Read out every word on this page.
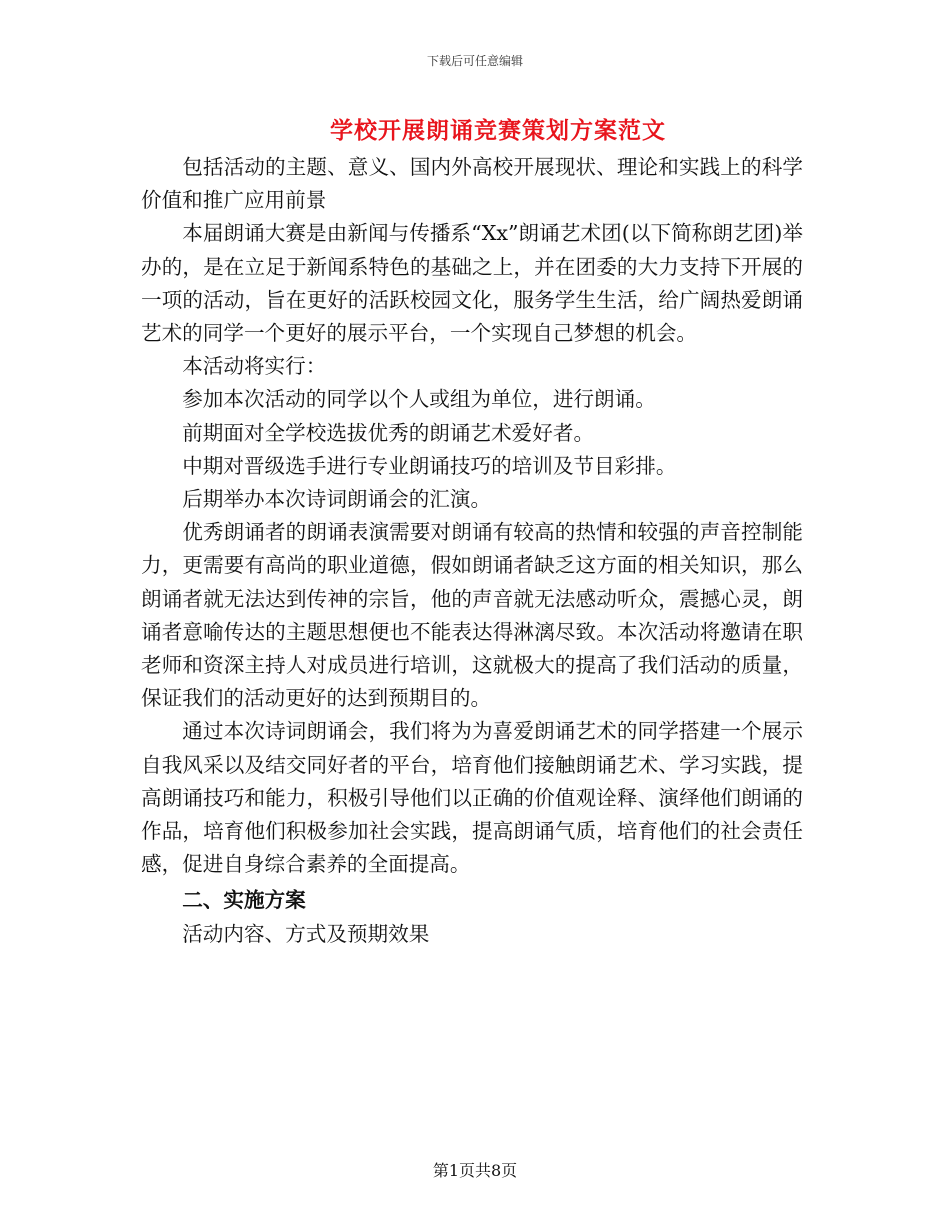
下载后可任意编辑
学校开展朗诵竞赛策划方案范文

包括活动的主题、意义、国内外高校开展现状、理论和实践上的科学价值和推广应用前景

本届朗诵大赛是由新闻与传播系“Xx”朗诵艺术团(以下简称朗艺团)举办的，是在立足于新闻系特色的基础之上，并在团委的大力支持下开展的一项的活动，旨在更好的活跃校园文化，服务学生生活，给广阔热爱朗诵艺术的同学一个更好的展示平台，一个实现自己梦想的机会。

本活动将实行：

参加本次活动的同学以个人或组为单位，进行朗诵。

前期面对全学校选拔优秀的朗诵艺术爱好者。

中期对晋级选手进行专业朗诵技巧的培训及节目彩排。

后期举办本次诗词朗诵会的汇演。

优秀朗诵者的朗诵表演需要对朗诵有较高的热情和较强的声音控制能力，更需要有高尚的职业道德，假如朗诵者缺乏这方面的相关知识，那么朗诵者就无法达到传神的宗旨，他的声音就无法感动听众，震撼心灵，朗诵者意喻传达的主题思想便也不能表达得淋漓尽致。本次活动将邀请在职老师和资深主持人对成员进行培训，这就极大的提高了我们活动的质量，保证我们的活动更好的达到预期目的。

通过本次诗词朗诵会，我们将为为喜爱朗诵艺术的同学搭建一个展示自我风采以及结交同好者的平台，培育他们接触朗诵艺术、学习实践，提高朗诵技巧和能力，积极引导他们以正确的价值观诠释、演绎他们朗诵的作品，培育他们积极参加社会实践，提高朗诵气质，培育他们的社会责任感，促进自身综合素养的全面提高。

二、实施方案

活动内容、方式及预期效果

第1页共8页
